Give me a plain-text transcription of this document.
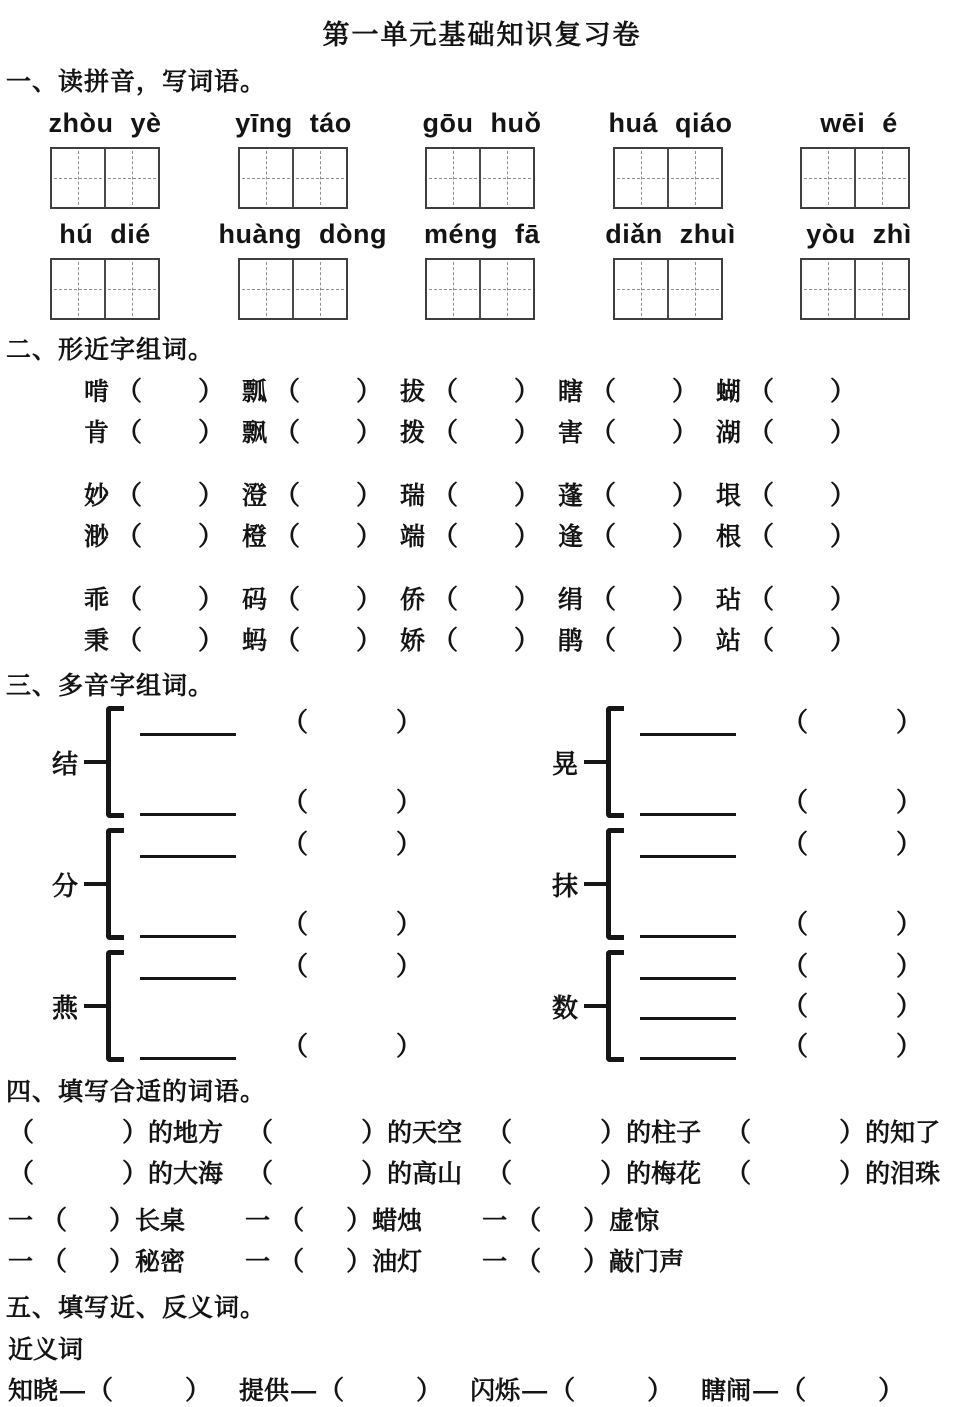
第一单元基础知识复习卷
一、读拼音，写词语。
zhòu yè	yīng táo	gōu huǒ	huá qiáo	wēi é
hú dié	huàng dòng	méng fā	diǎn zhuì	yòu zhì
二、形近字组词。
啃 （ ） 瓢 （ ） 拔 （ ） 瞎 （ ） 蝴 （ ）
肯 （ ） 飘 （ ） 拨 （ ） 害 （ ） 湖 （ ）
妙 （ ） 澄 （ ） 瑞 （ ） 蓬 （ ） 垠 （ ）
渺 （ ） 橙 （ ） 端 （ ） 逢 （ ） 根 （ ）
乖 （ ） 码 （ ） 侨 （ ） 绢 （ ） 玷 （ ）
秉 （ ） 蚂 （ ） 娇 （ ） 鹃 （ ） 站 （ ）
三、多音字组词。
结
（	）
（	）
晃
（	）
（	）
分
（	）
（	）
抹
（	）
（	）
燕
（	）
（	）
数
（	）
（	）
（	）
四、填写合适的词语。
（	） 的地方 （	） 的天空 （	） 的柱子 （	） 的知了
（	） 的大海 （	） 的高山 （	） 的梅花 （	） 的泪珠
一 （ ） 长桌 一 （ ） 蜡烛 一 （ ） 虚惊
一 （ ） 秘密 一 （ ） 油灯 一 （ ） 敲门声
五、填写近、反义词。
近义词
知晓 — （	） 提供 — （	） 闪烁 — （	） 瞎闹 — （	）
